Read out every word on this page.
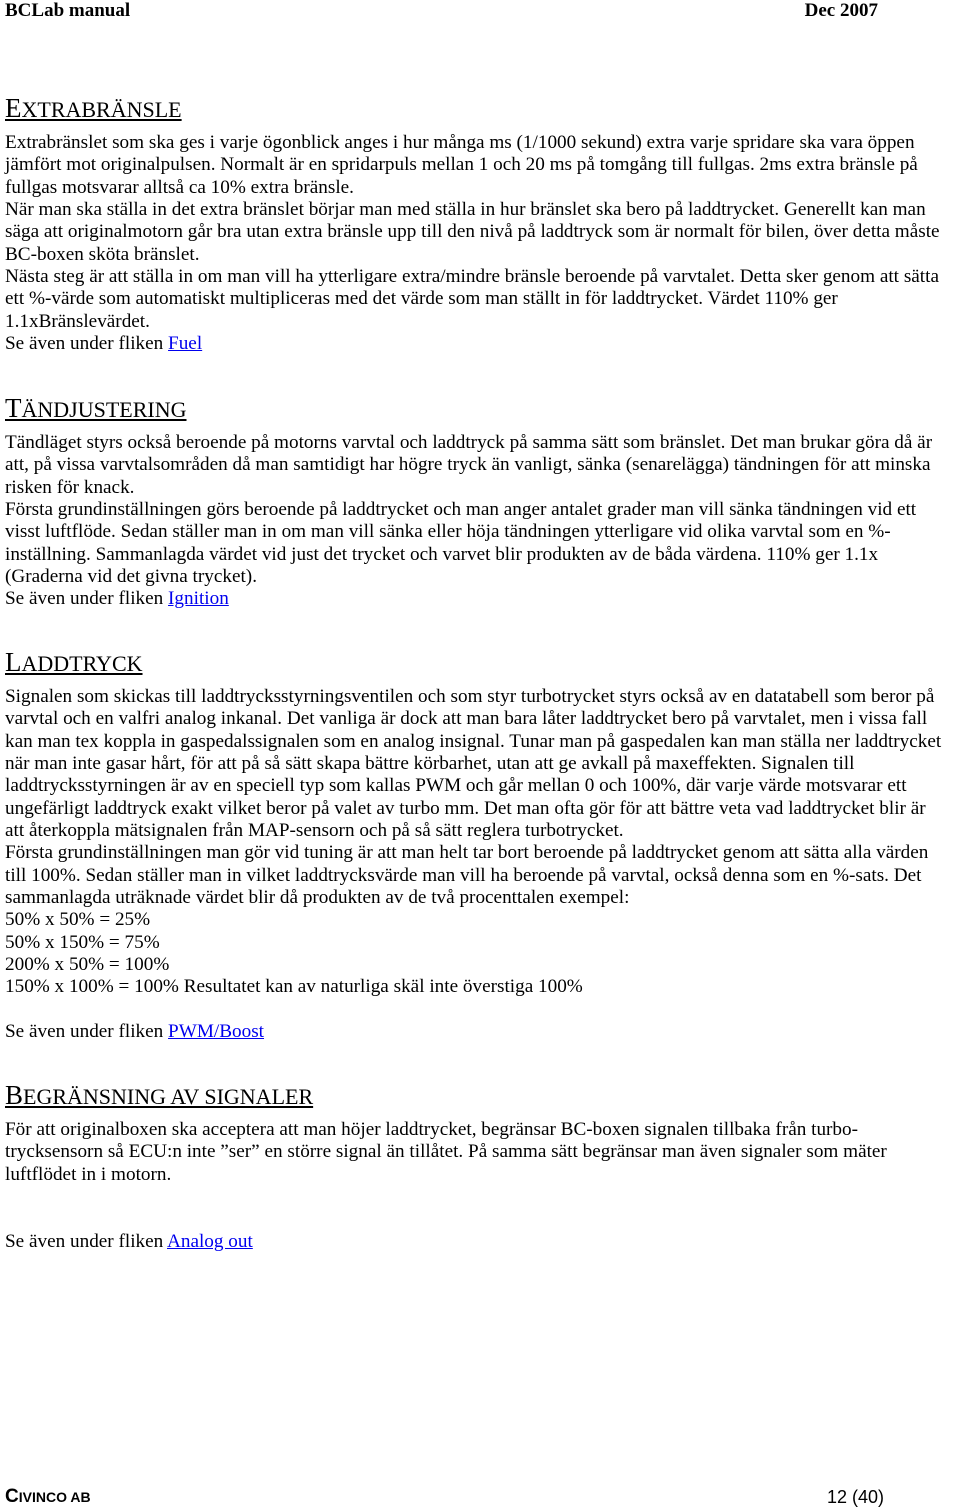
BCLab manual	Dec 2007
EXTRABRÄNSLE
Extrabränslet som ska ges i varje ögonblick anges i hur många ms (1/1000 sekund) extra varje spridare ska vara öppen
jämfört mot originalpulsen. Normalt är en spridarpuls mellan 1 och 20 ms på tomgång till fullgas. 2ms extra bränsle på
fullgas motsvarar alltså ca 10% extra bränsle.
När man ska ställa in det extra bränslet börjar man med ställa in hur bränslet ska bero på laddtrycket. Generellt kan man
säga att originalmotorn går bra utan extra bränsle upp till den nivå på laddtryck som är normalt för bilen, över detta måste
BC-boxen sköta bränslet.
Nästa steg är att ställa in om man vill ha ytterligare extra/mindre bränsle beroende på varvtalet. Detta sker genom att sätta
ett %-värde som automatiskt multipliceras med det värde som man ställt in för laddtrycket. Värdet 110% ger
1.1xBränslevärdet.
Se även under fliken Fuel
TÄNDJUSTERING
Tändläget styrs också beroende på motorns varvtal och laddtryck på samma sätt som bränslet. Det man brukar göra då är
att, på vissa varvtalsområden då man samtidigt har högre tryck än vanligt, sänka (senarelägga) tändningen för att minska
risken för knack.
Första grundinställningen görs beroende på laddtrycket och man anger antalet grader man vill sänka tändningen vid ett
visst luftflöde. Sedan ställer man in om man vill sänka eller höja tändningen ytterligare vid olika varvtal som en %-
inställning. Sammanlagda värdet vid just det trycket och varvet blir produkten av de båda värdena. 110% ger 1.1x
(Graderna vid det givna trycket).
Se även under fliken Ignition
LADDTRYCK
Signalen som skickas till laddtrycksstyrningsventilen och som styr turbotrycket styrs också av en datatabell som beror på
varvtal och en valfri analog inkanal. Det vanliga är dock att man bara låter laddtrycket bero på varvtalet, men i vissa fall
kan man tex koppla in gaspedalssignalen som en analog insignal. Tunar man på gaspedalen kan man ställa ner laddtrycket
när man inte gasar hårt, för att på så sätt skapa bättre körbarhet, utan att ge avkall på maxeffekten. Signalen till
laddtrycksstyrningen är av en speciell typ som kallas PWM och går mellan 0 och 100%, där varje värde motsvarar ett
ungefärligt laddtryck exakt vilket beror på valet av turbo mm. Det man ofta gör för att bättre veta vad laddtrycket blir är
att återkoppla mätsignalen från MAP-sensorn och på så sätt reglera turbotrycket.
Första grundinställningen man gör vid tuning är att man helt tar bort beroende på laddtrycket genom att sätta alla värden
till 100%. Sedan ställer man in vilket laddtrycksvärde man vill ha beroende på varvtal, också denna som en %-sats. Det
sammanlagda uträknade värdet blir då produkten av de två procenttalen exempel:
50% x 50% = 25%
50% x 150% = 75%
200% x 50% = 100%
150% x 100% = 100% Resultatet kan av naturliga skäl inte överstiga 100%
Se även under fliken PWM/Boost
BEGRÄNSNING AV SIGNALER
För att originalboxen ska acceptera att man höjer laddtrycket, begränsar BC-boxen signalen tillbaka från turbo-
trycksensorn så ECU:n inte ”ser” en större signal än tillåtet. På samma sätt begränsar man även signaler som mäter
luftflödet in i motorn.
Se även under fliken Analog out
CIVINCO AB	12 (40)
